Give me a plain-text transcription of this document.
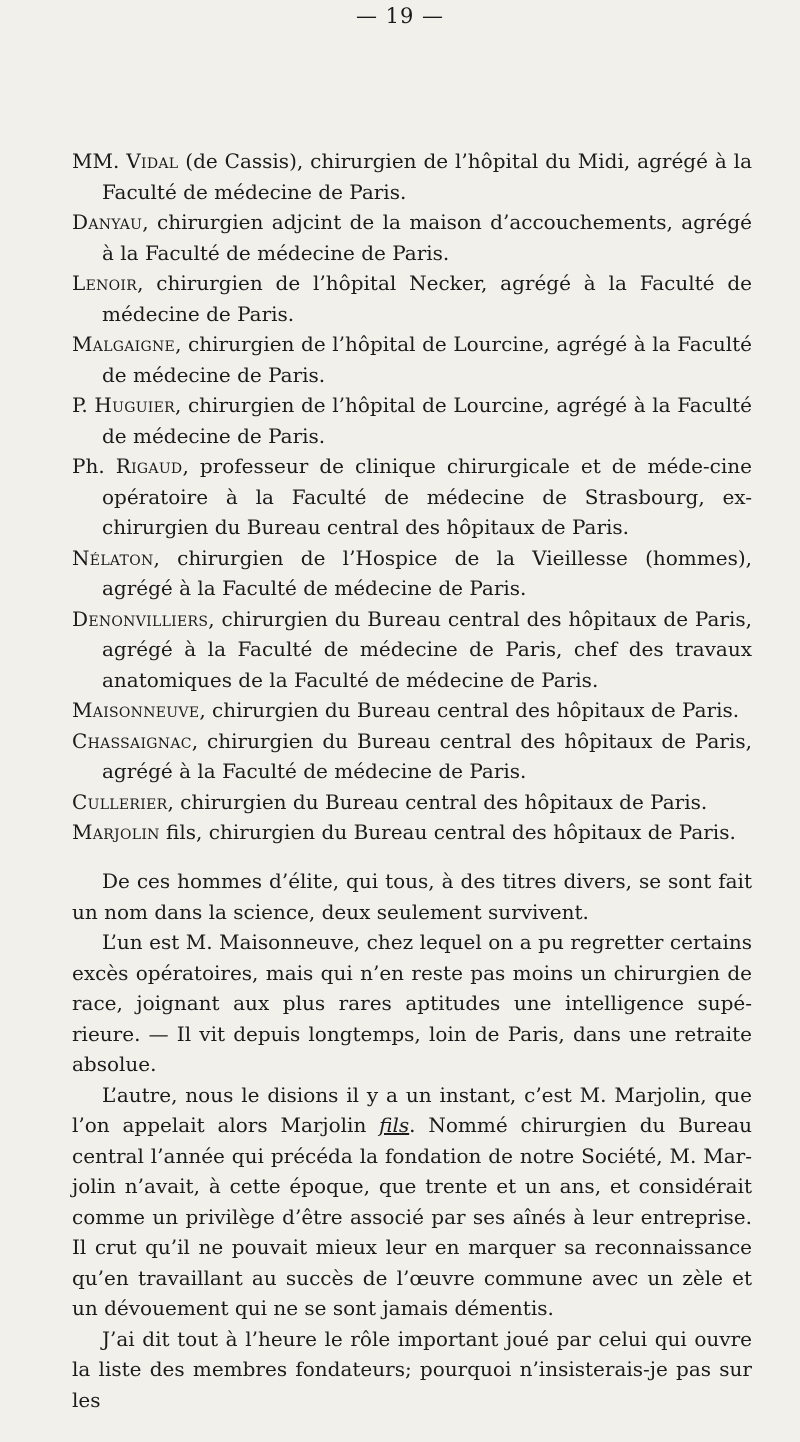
— 19 —
MM. Vidal (de Cassis), chirurgien de l’hôpital du Midi, agrégé à la Faculté de médecine de Paris.
Danyau, chirurgien adjcint de la maison d’accouchements, agrégé à la Faculté de médecine de Paris.
Lenoir, chirurgien de l’hôpital Necker, agrégé à la Faculté de médecine de Paris.
Malgaigne, chirurgien de l’hôpital de Lourcine, agrégé à la Faculté de médecine de Paris.
P. Huguier, chirurgien de l’hôpital de Lourcine, agrégé à la Faculté de médecine de Paris.
Ph. Rigaud, professeur de clinique chirurgicale et de méde-cine opératoire à la Faculté de médecine de Strasbourg, ex-chirurgien du Bureau central des hôpitaux de Paris.
Nélaton, chirurgien de l’Hospice de la Vieillesse (hommes), agrégé à la Faculté de médecine de Paris.
Denonvilliers, chirurgien du Bureau central des hôpitaux de Paris, agrégé à la Faculté de médecine de Paris, chef des travaux anatomiques de la Faculté de médecine de Paris.
Maisonneuve, chirurgien du Bureau central des hôpitaux de Paris.
Chassaignac, chirurgien du Bureau central des hôpitaux de Paris, agrégé à la Faculté de médecine de Paris.
Cullerier, chirurgien du Bureau central des hôpitaux de Paris.
Marjolin fils, chirurgien du Bureau central des hôpitaux de Paris.

De ces hommes d’élite, qui tous, à des titres divers, se sont fait un nom dans la science, deux seulement survivent.

L’un est M. Maisonneuve, chez lequel on a pu regretter certains excès opératoires, mais qui n’en reste pas moins un chirurgien de race, joignant aux plus rares aptitudes une intelligence supé-rieure. — Il vit depuis longtemps, loin de Paris, dans une retraite absolue.

L’autre, nous le disions il y a un instant, c’est M. Marjolin, que l’on appelait alors Marjolin fils. Nommé chirurgien du Bureau central l’année qui précéda la fondation de notre Société, M. Mar-jolin n’avait, à cette époque, que trente et un ans, et considérait comme un privilège d’être associé par ses aînés à leur entreprise. Il crut qu’il ne pouvait mieux leur en marquer sa reconnaissance qu’en travaillant au succès de l’œuvre commune avec un zèle et un dévouement qui ne se sont jamais démentis.

J’ai dit tout à l’heure le rôle important joué par celui qui ouvre la liste des membres fondateurs; pourquoi n’insisterais-je pas sur les
